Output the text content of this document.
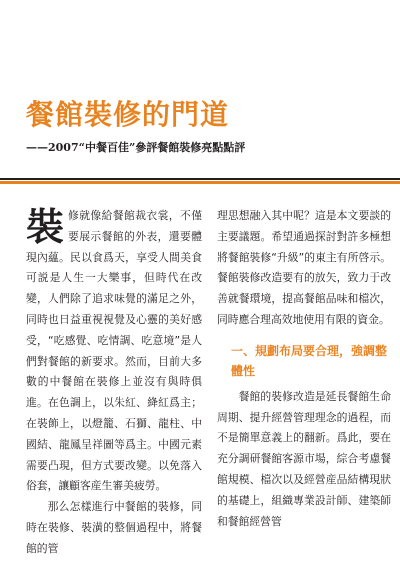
餐館裝修的門道
——2007“中餐百佳”參評餐館裝修亮點點評

裝修就像給餐館裁衣裳，不僅要展示餐館的外表，還要體現內蘊。民以食爲天，享受人間美食可説是人生一大樂事，但時代在改變，人們除了追求味覺的滿足之外，同時也日益重視視覺及心靈的美好感受，“吃感覺、吃情調、吃意境”是人們對餐館的新要求。然而，目前大多數的中餐館在裝修上並沒有與時俱進。在色調上，以朱紅、絳紅爲主；在裝飾上，以燈籠、石獅、龍柱、中國結、龍鳳呈祥圖等爲主。中國元素需要凸現，但方式要改變。以免落入俗套，讓顧客産生審美疲勞。

那么怎樣進行中餐館的裝修，同時在裝修、裝潢的整個過程中，將餐館的管

理思想融入其中呢？這是本文要談的主要議題。希望通過探討對許多極想將餐館裝修“升級”的東主有所啓示。餐館裝修改造要有的放矢，致力于改善就餐環境，提高餐館品味和檔次，同時應合理高效地使用有限的資金。

一、規劃布局要合理，強調整體性

餐館的裝修改造是延長餐館生命周期、提升經營管理理念的過程，而不是簡單意義上的翻新。爲此，要在充分調研餐館客源市場，綜合考慮餐館規模、檔次以及經營産品結構現狀的基礎上，組織專業設計師、建築師和餐館經營管
